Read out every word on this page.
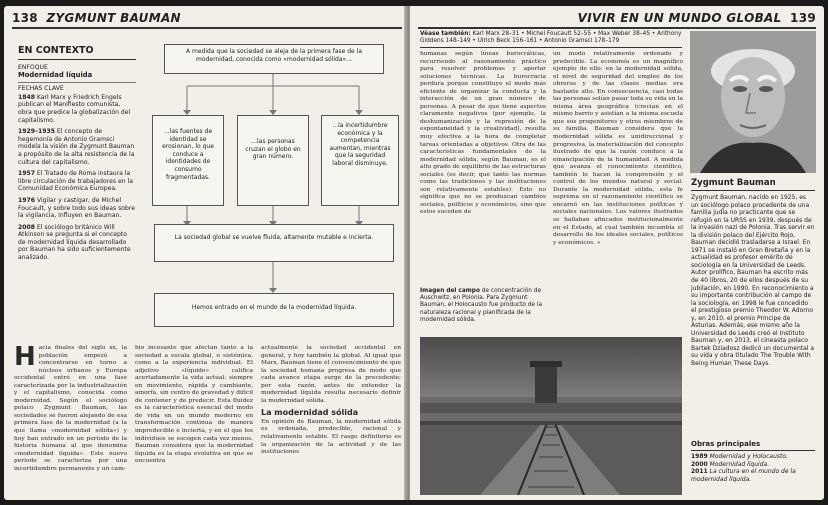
138 ZYGMUNT BAUMAN
EN CONTEXTO
ENFOQUE
Modernidad líquida
FECHAS CLAVE
1848 Karl Marx y Friedrich Engels publican el Manifiesto comunista, obra que predice la globalización del capitalismo.
1929–1935 El concepto de hegemonía de Antonio Gramsci modela la visión de Zygmunt Bauman a propósito de la alta resistencia de la cultura del capitalismo.
1957 El Tratado de Roma instaura la libre circulación de trabajadores en la Comunidad Económica Europea.
1976 Vigilar y castigar, de Michel Foucault, y sobre todo sus ideas sobre la vigilancia, influyen en Bauman.
2008 El sociólogo británico Will Atkinson se pregunta si el concepto de modernidad líquida desarrollado por Bauman ha sido suficientemente analizado.
A medida que la sociedad se aleja de la primera fase de la modernidad, conocida como «modernidad sólida»...
...las fuentes de identidad se erosionan, lo que conduce a identidades de consumo fragmentadas.
...las personas cruzan el globo en gran número.
...la incertidumbre económica y la competencia aumentan, mientras que la seguridad laboral disminuye.
La sociedad global se vuelve fluida, altamente mutable e incierta.
Hemos entrado en el mundo de la modernidad líquida.
Hacia finales del siglo xx, la población empezó a concentrarse en torno a núcleos urbanos y Europa occidental entró en una fase caracterizada por la industrialización y el capitalismo, conocida como modernidad. Según el sociólogo polaco Zygmunt Bauman, las sociedades se fueron alejando de esa primera fase de la modernidad (a la que llama «modernidad sólida») y hoy han entrado en un periodo de la historia humana al que denomina «modernidad líquida». Este nuevo periodo se caracteriza por una incertidumbre permanente y un cam-
bio incesante que afectan tanto a la sociedad a escala global, o sistémica, como a la experiencia individual. El adjetivo «líquido» califica acertadamente la vida actual: siempre en movimiento, rápida y cambiante, amorfa, sin centro de gravedad y difícil de contener y de predecir. Esta fluidez es la característica esencial del modo de vida en un mundo moderno en transformación continua de manera impredecible e incierta, y en el que los individuos se escogen cada vez menos. Bauman considera que la modernidad líquida es la etapa evolutiva en que se encuentra
actualmente la sociedad occidental en general, y hoy también la global. Al igual que Marx, Bauman tiene el convencimiento de que la sociedad humana progresa de modo que cada avance etapa surge de la precedente; por esta razón, antes de entender la modernidad líquida resulta necesario definir la modernidad sólida.
La modernidad sólida
En opinión de Bauman, la modernidad sólida es ordenada, predecible, racional y relativamente estable. El rasgo definitorio es la organización de la actividad y de las instituciones
VIVIR EN UN MUNDO GLOBAL 139
Véase también: Karl Marx 28–31 • Michel Foucault 52–55 • Max Weber 38–45 • Anthony Giddens 148–149 • Ulrich Beck 156–161 • Antonio Gramsci 178–179
humanas según líneas burocráticas, recurriendo al razonamiento práctico para resolver problemas y aportar soluciones técnicas. La burocracia perdura porque constituye el modo más eficiente de organizar la conducta y la interacción de un gran número de personas. A pesar de que tiene aspectos claramente negativos (por ejemplo, la deshumanización y la represión de la espontaneidad y la creatividad), resulta muy efectiva a la hora de completar tareas orientadas a objetivos. Otra de las características fundamentales de la modernidad sólida, según Bauman, es el alto grado de equilibrio de las estructuras sociales (es decir, que tanto las normas como las tradiciones y las instituciones son relativamente estables). Esto no significa que no se produzcan cambios sociales, políticos y económicos, sino que estos suceden de
un modo relativamente ordenado y predecible. La economía es un magnífico ejemplo de ello: en la modernidad sólida, el nivel de seguridad del empleo de los obreros y de las clases medias era bastante alto. En consecuencia, casi todas las personas solían pasar toda su vida en la misma área geográfica (crecían en el mismo barrio y asistían a la misma escuela que sus progenitores y otros miembros de su familia. Bauman considera que la modernidad sólida es unidireccional y progresiva, la materialización del concepto ilustrado de que la razón conduce a la emancipación de la humanidad. A medida que avanza el conocimiento científico, también lo hacen la comprensión y el control de los mundos natural y social. Durante la modernidad sólida, esta fe suprema en el razonamiento científico se encarnó en las instituciones políticas y sociales nacionales. Los valores ilustrados se hallaban afincados institucionalmente en el Estado, al cual también incumbía el desarrollo de los ideales sociales, políticos y económicos. »
Imagen del campo de concentración de Auschwitz, en Polonia. Para Zygmunt Bauman, el Holocausto fue producto de la naturaleza racional y planificada de la modernidad sólida.
Zygmunt Bauman
Zygmunt Bauman, nacido en 1925, es un sociólogo polaco procedente de una familia judía no practicante que se refugió en la URSS en 1939, después de la invasión nazi de Polonia. Tras servir en la división polaco del Ejército Rojo, Bauman decidió trasladarse a Israel. En 1971 se instaló en Gran Bretaña y en la actualidad es profesor emérito de sociología en la Universidad de Leeds. Autor prolífico, Bauman ha escrito más de 40 libros, 20 de ellos después de su jubilación, en 1990. En reconocimiento a su importante contribución al campo de la sociología, en 1998 le fue concedido el prestigioso premio Theodor W. Adorno y, en 2010, el premio Príncipe de Asturias. Además, ese mismo año la Universidad de Leeds creó el Instituto Bauman y, en 2013, el cineasta polaco Bartek Dziadosz dedicó un documental a su vida y obra titulado The Trouble With Being Human These Days.
Obras principales
1989 Modernidad y Holocausto.
2000 Modernidad líquida.
2011 La cultura en el mundo de la modernidad líquida.
